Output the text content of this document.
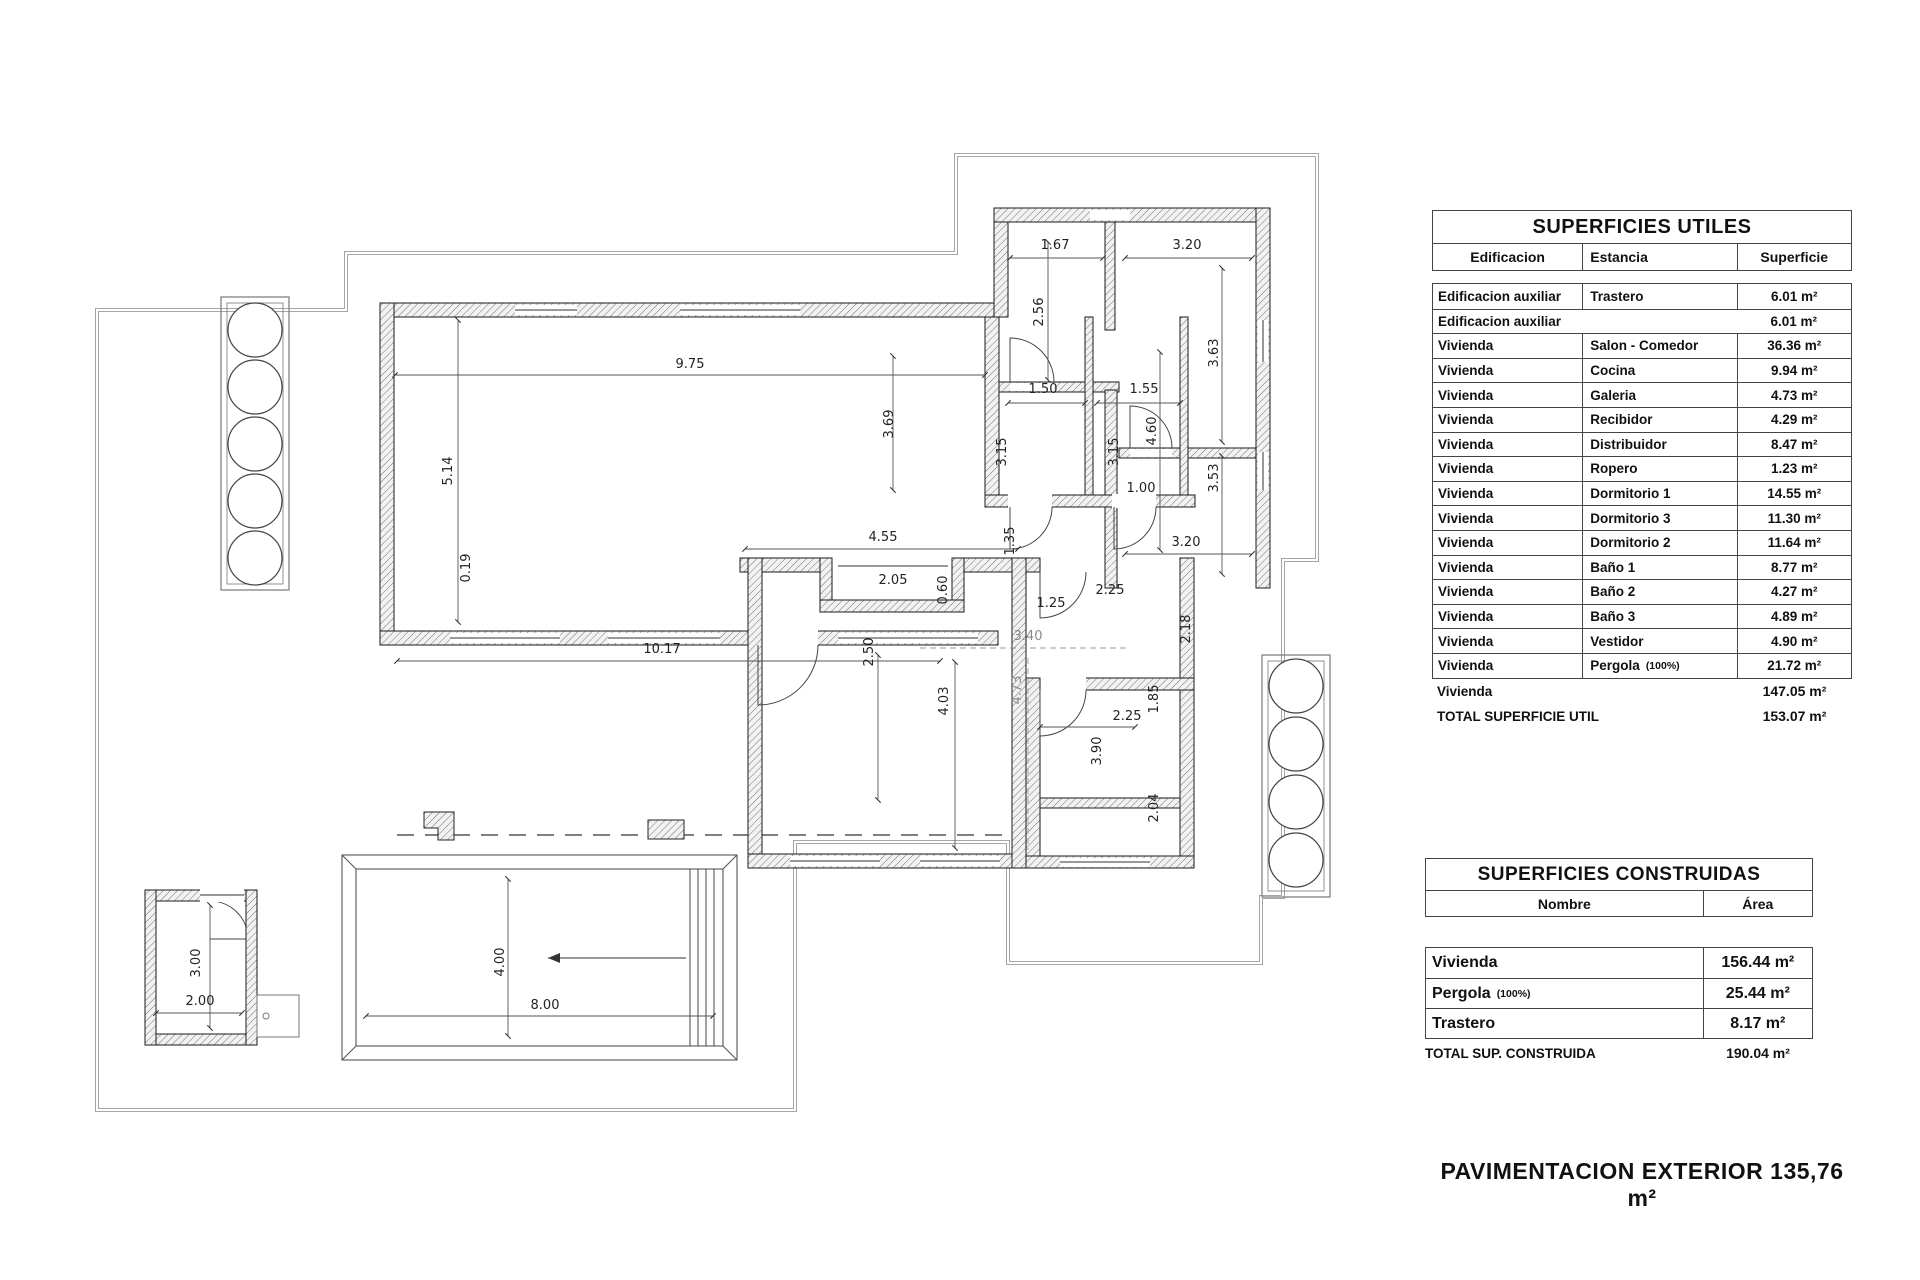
9.75
5.14
3.69
1.50	1.55
3.15	3.15
1.67
2.56
3.20
3.63
4.60
1.00	3.53
3.20
4.55	1.35
2.05 0.60	1.25
2.25
2.18
3.40
2.50
10.17
4.03	4.73
2.25
1.85
3.90
2.04
0.19
3.00
2.00
4.00
8.00
SUPERFICIES UTILES
Edificacion	Estancia	Superficie
Edificacion auxiliar	Trastero	6.01 m²
Edificacion auxiliar	6.01 m²
Vivienda	Salon - Comedor	36.36 m²
Vivienda	Cocina	9.94 m²
Vivienda	Galeria	4.73 m²
Vivienda	Recibidor	4.29 m²
Vivienda	Distribuidor	8.47 m²
Vivienda	Ropero	1.23 m²
Vivienda	Dormitorio 1	14.55 m²
Vivienda	Dormitorio 3	11.30 m²
Vivienda	Dormitorio 2	11.64 m²
Vivienda	Baño 1	8.77 m²
Vivienda	Baño 2	4.27 m²
Vivienda	Baño 3	4.89 m²
Vivienda	Vestidor	4.90 m²
Vivienda	Pergola (100%)	21.72 m²
Vivienda	147.05 m²
TOTAL SUPERFICIE UTIL	153.07 m²
SUPERFICIES CONSTRUIDAS
Nombre	Área
Vivienda	156.44 m²
Pergola (100%)	25.44 m²
Trastero	8.17 m²
TOTAL SUP. CONSTRUIDA	190.04 m²
PAVIMENTACION EXTERIOR 135,76 m²
